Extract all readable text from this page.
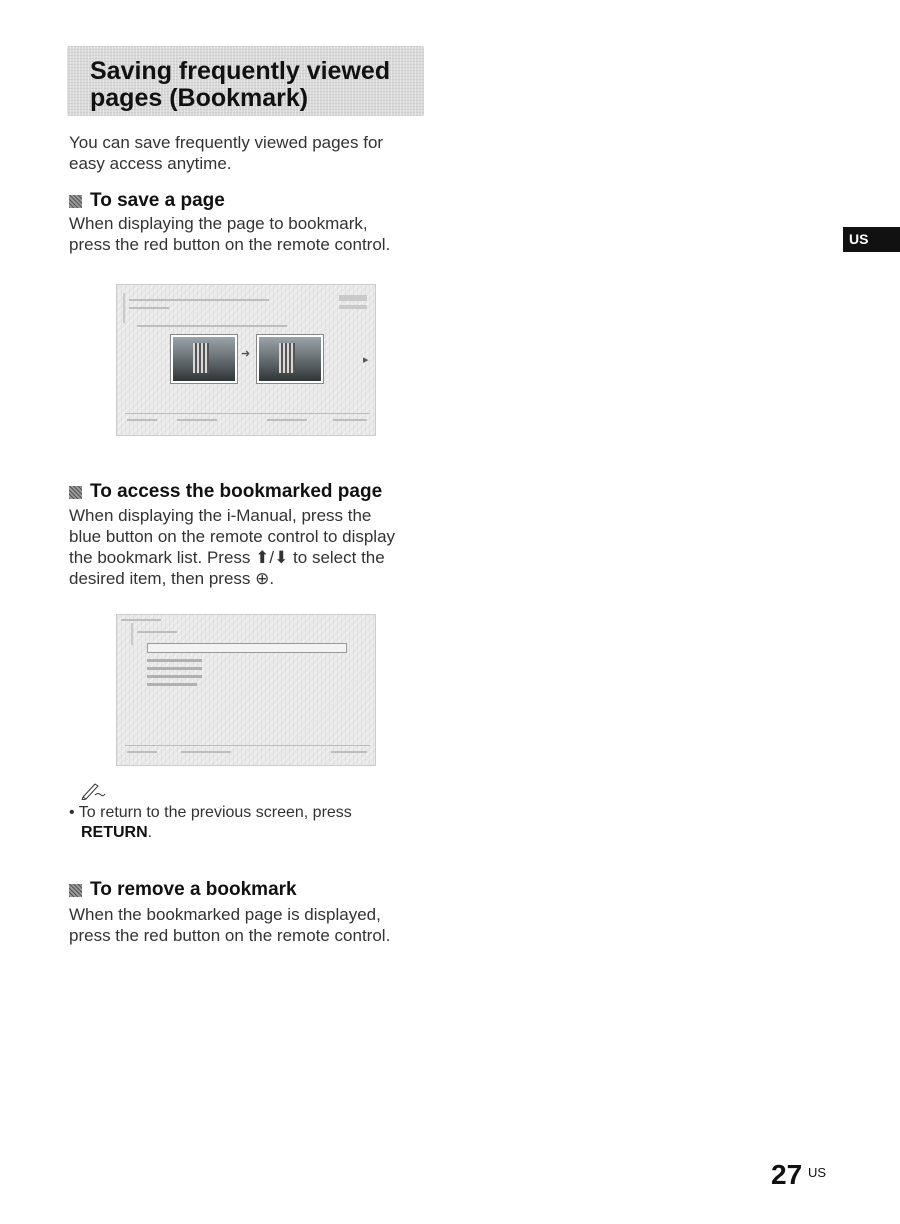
Saving frequently viewed
pages (Bookmark)

You can save frequently viewed pages for
easy access anytime.

US
To save a page

When displaying the page to bookmark,
press the red button on the remote control.

➜	▸
To access the bookmarked page

When displaying the i-Manual, press the
blue button on the remote control to display
the bookmark list. Press ⬆/⬇ to select the
desired item, then press ⊕.

• To return to the previous screen, press
RETURN.

To remove a bookmark

When the bookmarked page is displayed,
press the red button on the remote control.

27 US
